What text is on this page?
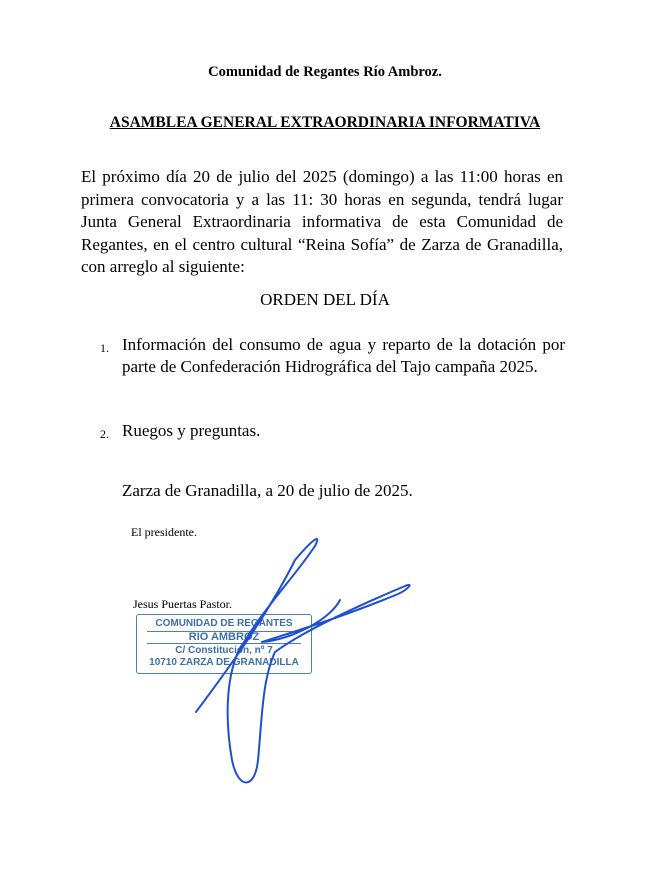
Comunidad de Regantes Río Ambroz.
ASAMBLEA GENERAL EXTRAORDINARIA INFORMATIVA

El próximo día 20 de julio del 2025 (domingo) a las 11:00 horas en primera convocatoria y a las 11: 30 horas en segunda, tendrá lugar Junta General Extraordinaria informativa de esta Comunidad de Regantes, en el centro cultural “Reina Sofía” de Zarza de Granadilla, con arreglo al siguiente:

ORDEN DEL DÍA
1. Información del consumo de agua y reparto de la dotación por parte de Confederación Hidrográfica del Tajo campaña 2025.
2. Ruegos y preguntas.
Zarza de Granadilla, a 20 de julio de 2025.
El presidente.
Jesus Puertas Pastor.
COMUNIDAD DE REGANTES
RIO AMBROZ
C/ Constitución, nº 7
10710 ZARZA DE GRANADILLA
